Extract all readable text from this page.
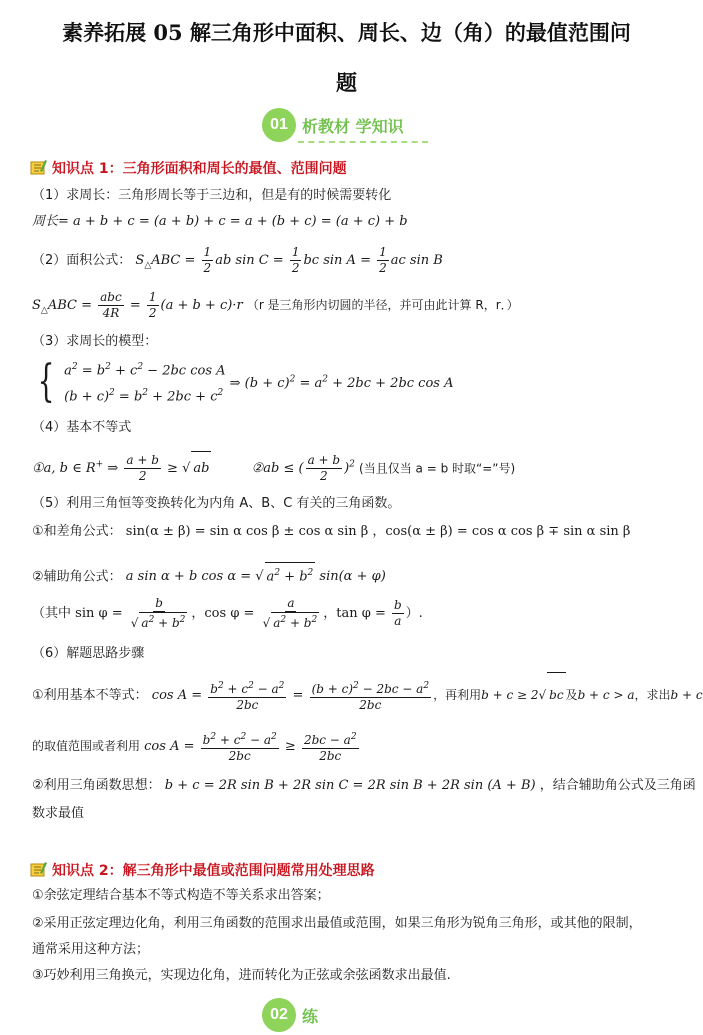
素养拓展 05 解三角形中面积、周长、边（角）的最值范围问
题
01 析教材 学知识
知识点 1：三角形面积和周长的最值、范围问题
（1）求周长：三角形周长等于三边和，但是有的时候需要转化
周长= a + b + c = (a + b) + c = a + (b + c) = (a + c) + b
（2）面积公式： $S_\triangle ABC = \frac{1}{2}$ ab $\sin C = \frac{1}{2}$ bc $\sin A = \frac{1}{2}$ ac sin B
$S_\triangle ABC = \frac{\text{abc}}{4R} = \frac{1}{2} (a + b + c)\cdot r$ （r 是三角形内切圆的半径，并可由此计算 R，r．）
（3）求周长的模型：
{ $a^2 = b^2 + c^2 - 2bc$ cos A
$(b + c)^2 = b^2 + 2bc + c^2$
⇒ $(b + c)^2 = a^2 + 2bc + 2bc$ cos A
（4）基本不等式
①a, b ∈ R+ ⇒ $\frac{a + b}{2}$ ≥ √ ab	②ab ≤ ( $\frac{a + b}{2} )^2$ (当且仅当 a = b 时取“=”号)
（5）利用三角恒等变换转化为内角 A、B、C 有关的三角函数。
①和差角公式： sin(α ± β) = sin α cos β ± cos α sin β ，cos(α ± β) = cos α cos β ∓ sin α sin β
②辅助角公式： a sin α + b cos α = √ $a^2 + b^2$ sin(α + φ)
（其中 $\sin \varphi = \frac{b}{√ a^2 + b^2}$ ，$\cos \varphi = \frac{a}{√ a^2 + b^2}$ ，$\tan \varphi = \frac{b}{a}$ ）.
（6）解题思路步骤
①利用基本不等式： $\cos A = \frac{b^2 + c^2 - a^2}{2bc} = \frac{(b + c)^2 - 2bc - a^2}{2bc}$ ，再利用b + c ≥ 2√ bc 及b + c > a，求出b + c
的取值范围或者利用 $\cos A = \frac{b^2 + c^2 - a^2}{2bc} \ge \frac{2bc - a^2}{2bc}$
②利用三角函数思想： b + c = 2R sin B + 2R sin C = 2R sin B + 2R sin (A + B) ，结合辅助角公式及三角函
数求最值
知识点 2：解三角形中最值或范围问题常用处理思路
①余弦定理结合基本不等式构造不等关系求出答案；
②采用正弦定理边化角，利用三角函数的范围求出最值或范围，如果三角形为锐角三角形，或其他的限制，
通常采用这种方法；
③巧妙利用三角换元，实现边化角，进而转化为正弦或余弦函数求出最值.
02 练
